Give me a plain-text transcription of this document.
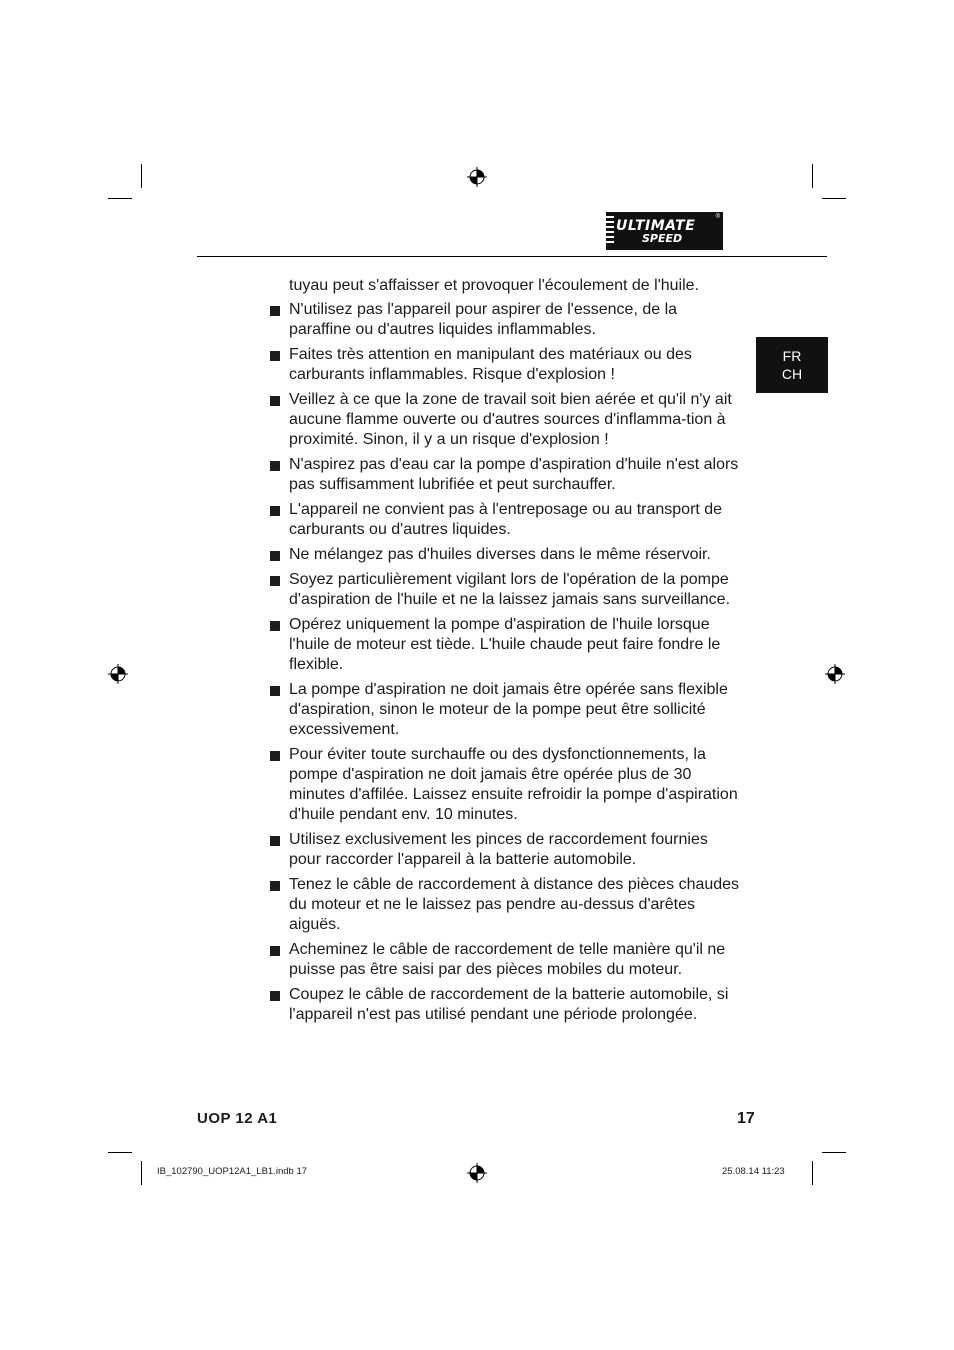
ULTIMATE
SPEED
®
FR
CH
tuyau peut s'affaisser et provoquer l'écoulement de l'huile.
N'utilisez pas l'appareil pour aspirer de l'essence, de la paraffine ou d'autres liquides inflammables.
Faites très attention en manipulant des matériaux ou des carburants inflammables. Risque d'explosion !
Veillez à ce que la zone de travail soit bien aérée et qu'il n'y ait aucune flamme ouverte ou d'autres sources d'inflamma-tion à proximité. Sinon, il y a un risque d'explosion !
N'aspirez pas d'eau car la pompe d'aspiration d'huile n'est alors pas suffisamment lubrifiée et peut surchauffer.
L'appareil ne convient pas à l'entreposage ou au transport de carburants ou d'autres liquides.
Ne mélangez pas d'huiles diverses dans le même réservoir.
Soyez particulièrement vigilant lors de l'opération de la pompe d'aspiration de l'huile et ne la laissez jamais sans surveillance.
Opérez uniquement la pompe d'aspiration de l'huile lorsque l'huile de moteur est tiède. L'huile chaude peut faire fondre le flexible.
La pompe d'aspiration ne doit jamais être opérée sans flexible d'aspiration, sinon le moteur de la pompe peut être sollicité excessivement.
Pour éviter toute surchauffe ou des dysfonctionnements, la pompe d'aspiration ne doit jamais être opérée plus de 30 minutes d'affilée. Laissez ensuite refroidir la pompe d'aspiration d'huile pendant env. 10 minutes.
Utilisez exclusivement les pinces de raccordement fournies pour raccorder l'appareil à la batterie automobile.
Tenez le câble de raccordement à distance des pièces chaudes du moteur et ne le laissez pas pendre au-dessus d'arêtes aiguës.
Acheminez le câble de raccordement de telle manière qu'il ne puisse pas être saisi par des pièces mobiles du moteur.
Coupez le câble de raccordement de la batterie automobile, si l'appareil n'est pas utilisé pendant une période prolongée.
UOP 12 A1	17
IB_102790_UOP12A1_LB1.indb 17	25.08.14 11:23
